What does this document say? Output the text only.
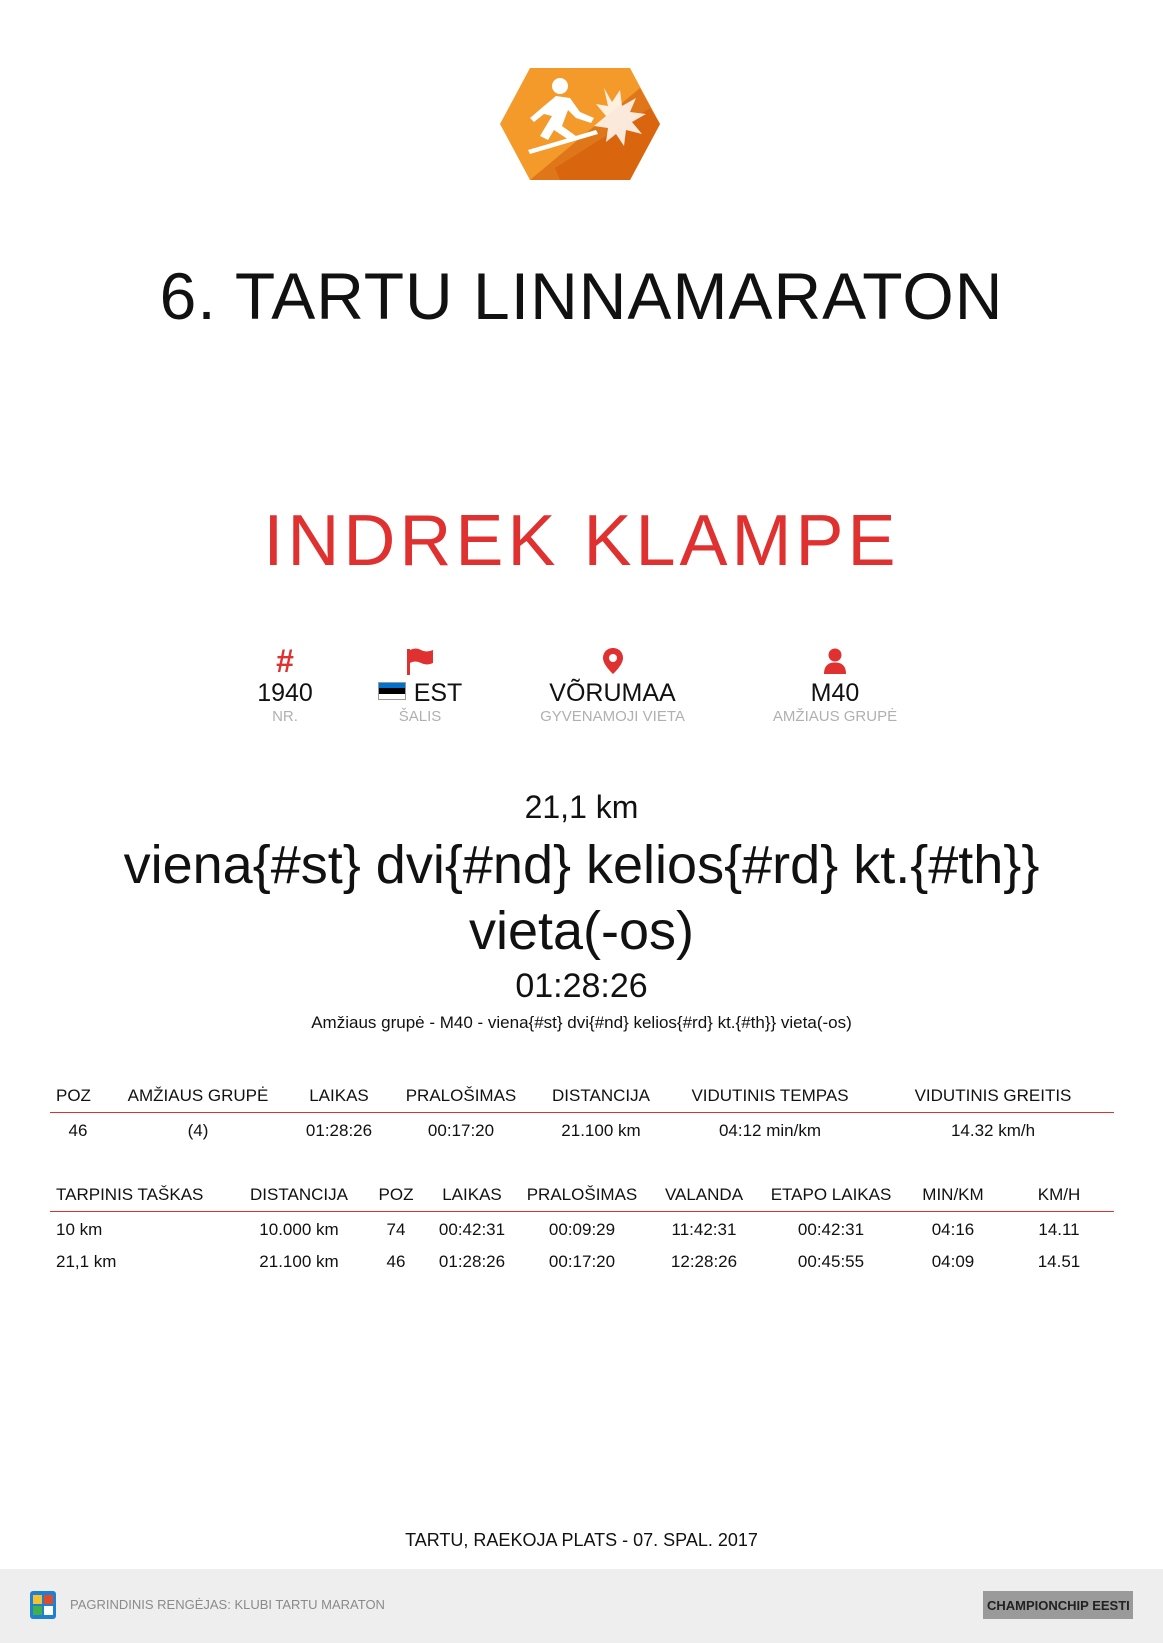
6. TARTU LINNAMARATON
INDREK KLAMPE
#
1940
NR.
EST
ŠALIS
VÕRUMAA
GYVENAMOJI VIETA
M40
AMŽIAUS GRUPĖ
21,1 km
viena{#st} dvi{#nd} kelios{#rd} kt.{#th}}
vieta(-os)
01:28:26
Amžiaus grupė - M40 - viena{#st} dvi{#nd} kelios{#rd} kt.{#th}} vieta(-os)
POZ	AMŽIAUS GRUPĖ	LAIKAS	PRALOŠIMAS	DISTANCIJA	VIDUTINIS TEMPAS	VIDUTINIS GREITIS
46	(4)	01:28:26	00:17:20	21.100 km	04:12 min/km	14.32 km/h
TARPINIS TAŠKAS	DISTANCIJA	POZ	LAIKAS	PRALOŠIMAS	VALANDA	ETAPO LAIKAS	MIN/KM	KM/H
10 km	10.000 km	74	00:42:31	00:09:29	11:42:31	00:42:31	04:16	14.11
21,1 km	21.100 km	46	01:28:26	00:17:20	12:28:26	00:45:55	04:09	14.51
TARTU, RAEKOJA PLATS - 07. SPAL. 2017
PAGRINDINIS RENGĖJAS: KLUBI TARTU MARATON	CHAMPIONCHIP EESTI
